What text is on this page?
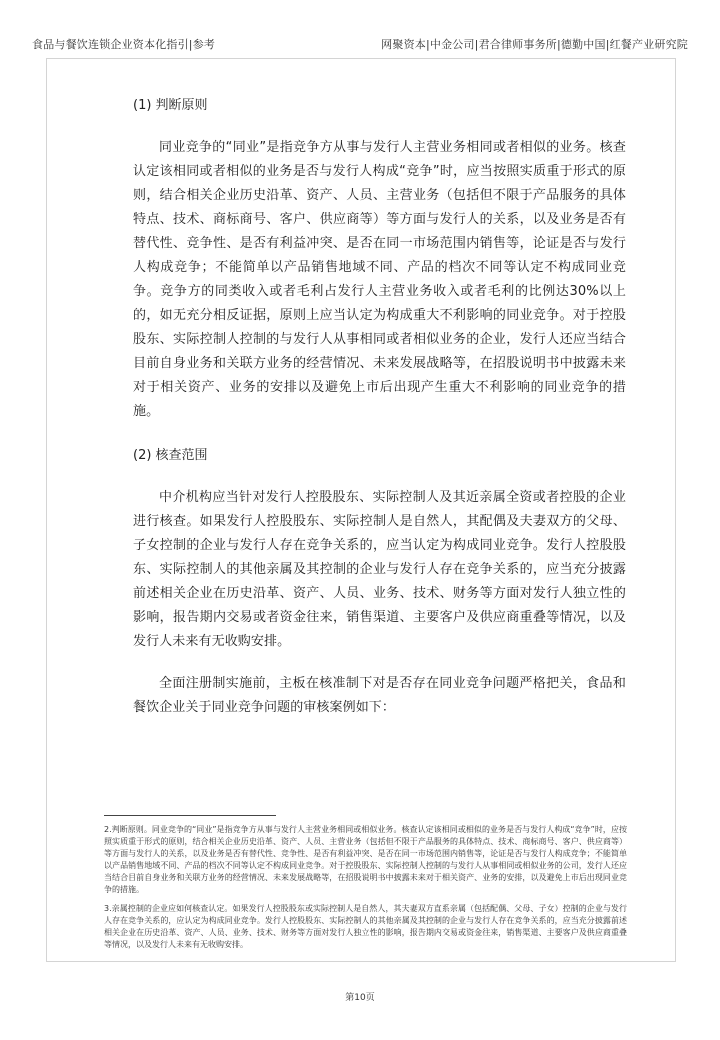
食品与餐饮连锁企业资本化指引|参考	网聚资本|中金公司|君合律师事务所|德勤中国|红餐产业研究院
(1) 判断原则

同业竞争的“同业”是指竞争方从事与发行人主营业务相同或者相似的业务。核查认定该相同或者相似的业务是否与发行人构成“竞争”时，应当按照实质重于形式的原则，结合相关企业历史沿革、资产、人员、主营业务（包括但不限于产品服务的具体特点、技术、商标商号、客户、供应商等）等方面与发行人的关系，以及业务是否有替代性、竞争性、是否有利益冲突、是否在同一市场范围内销售等，论证是否与发行人构成竞争；不能简单以产品销售地域不同、产品的档次不同等认定不构成同业竞争。竞争方的同类收入或者毛利占发行人主营业务收入或者毛利的比例达30%以上的，如无充分相反证据，原则上应当认定为构成重大不利影响的同业竞争。对于控股股东、实际控制人控制的与发行人从事相同或者相似业务的企业，发行人还应当结合目前自身业务和关联方业务的经营情况、未来发展战略等，在招股说明书中披露未来对于相关资产、业务的安排以及避免上市后出现产生重大不利影响的同业竞争的措施。

(2) 核查范围

中介机构应当针对发行人控股股东、实际控制人及其近亲属全资或者控股的企业进行核查。如果发行人控股股东、实际控制人是自然人，其配偶及夫妻双方的父母、子女控制的企业与发行人存在竞争关系的，应当认定为构成同业竞争。发行人控股股东、实际控制人的其他亲属及其控制的企业与发行人存在竞争关系的，应当充分披露前述相关企业在历史沿革、资产、人员、业务、技术、财务等方面对发行人独立性的影响，报告期内交易或者资金往来，销售渠道、主要客户及供应商重叠等情况，以及发行人未来有无收购安排。

全面注册制实施前，主板在核准制下对是否存在同业竞争问题严格把关，食品和餐饮企业关于同业竞争问题的审核案例如下：

2.判断原则。同业竞争的“同业”是指竞争方从事与发行人主营业务相同或相似业务。核查认定该相同或相似的业务是否与发行人构成“竞争”时，应按照实质重于形式的原则，结合相关企业历史沿革、资产、人员、主营业务（包括但不限于产品服务的具体特点、技术、商标商号、客户、供应商等）等方面与发行人的关系，以及业务是否有替代性、竞争性、是否有利益冲突、是否在同一市场范围内销售等，论证是否与发行人构成竞争；不能简单以产品销售地域不同、产品的档次不同等认定不构成同业竞争。对于控股股东、实际控制人控制的与发行人从事相同或相似业务的公司，发行人还应当结合目前自身业务和关联方业务的经营情况、未来发展战略等，在招股说明书中披露未来对于相关资产、业务的安排，以及避免上市后出现同业竞争的措施。

3.亲属控制的企业应如何核查认定。如果发行人控股股东或实际控制人是自然人，其夫妻双方直系亲属（包括配偶、父母、子女）控制的企业与发行人存在竞争关系的，应认定为构成同业竞争。发行人控股股东、实际控制人的其他亲属及其控制的企业与发行人存在竞争关系的，应当充分披露前述相关企业在历史沿革、资产、人员、业务、技术、财务等方面对发行人独立性的影响，报告期内交易或资金往来，销售渠道、主要客户及供应商重叠等情况，以及发行人未来有无收购安排。

第10页
